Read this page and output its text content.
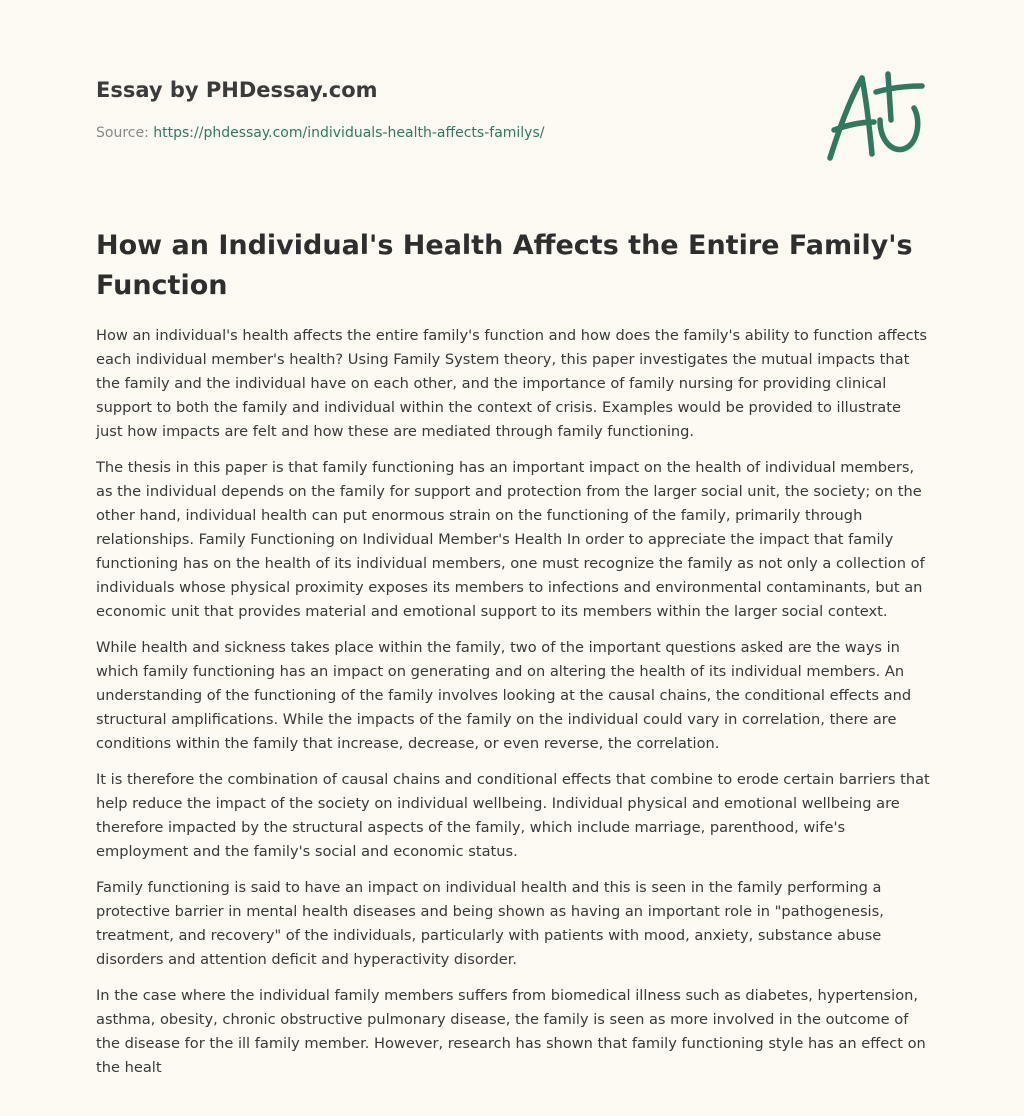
Essay by PHDessay.com
Source: https://phdessay.com/individuals-health-affects-familys/
How an Individual's Health Affects the Entire Family's Function

How an individual's health affects the entire family's function and how does the family's ability to function affects each individual member's health? Using Family System theory, this paper investigates the mutual impacts that the family and the individual have on each other, and the importance of family nursing for providing clinical support to both the family and individual within the context of crisis. Examples would be provided to illustrate just how impacts are felt and how these are mediated through family functioning.

The thesis in this paper is that family functioning has an important impact on the health of individual members, as the individual depends on the family for support and protection from the larger social unit, the society; on the other hand, individual health can put enormous strain on the functioning of the family, primarily through relationships. Family Functioning on Individual Member's Health In order to appreciate the impact that family functioning has on the health of its individual members, one must recognize the family as not only a collection of individuals whose physical proximity exposes its members to infections and environmental contaminants, but an economic unit that provides material and emotional support to its members within the larger social context.

While health and sickness takes place within the family, two of the important questions asked are the ways in which family functioning has an impact on generating and on altering the health of its individual members. An understanding of the functioning of the family involves looking at the causal chains, the conditional effects and structural amplifications. While the impacts of the family on the individual could vary in correlation, there are conditions within the family that increase, decrease, or even reverse, the correlation.

It is therefore the combination of causal chains and conditional effects that combine to erode certain barriers that help reduce the impact of the society on individual wellbeing. Individual physical and emotional wellbeing are therefore impacted by the structural aspects of the family, which include marriage, parenthood, wife's employment and the family's social and economic status.

Family functioning is said to have an impact on individual health and this is seen in the family performing a protective barrier in mental health diseases and being shown as having an important role in "pathogenesis, treatment, and recovery" of the individuals, particularly with patients with mood, anxiety, substance abuse disorders and attention deficit and hyperactivity disorder.

In the case where the individual family members suffers from biomedical illness such as diabetes, hypertension, asthma, obesity, chronic obstructive pulmonary disease, the family is seen as more involved in the outcome of the disease for the ill family member. However, research has shown that family functioning style has an effect on the healt
